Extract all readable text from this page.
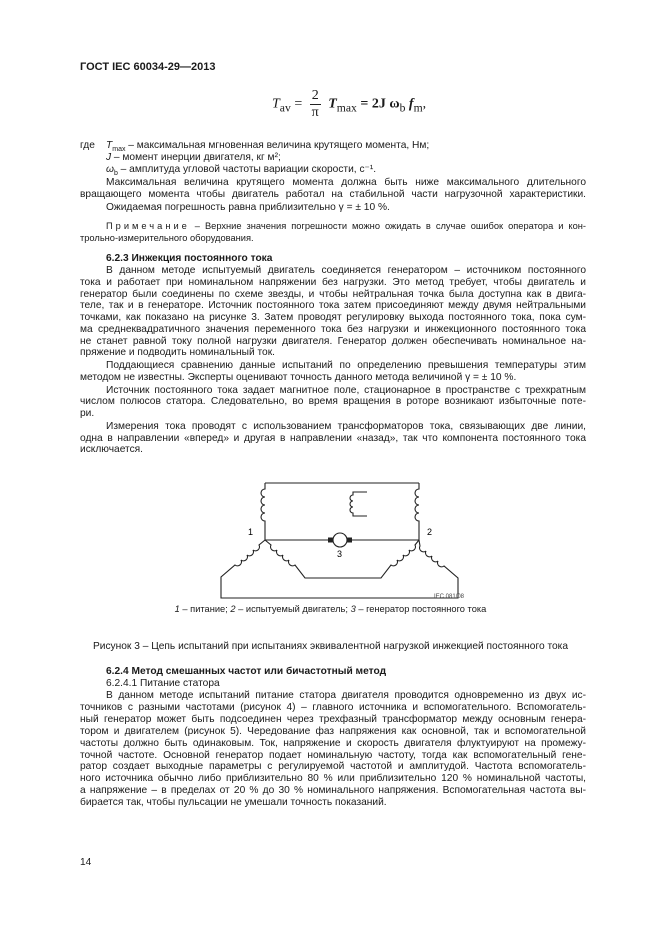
ГОСТ IEC 60034-29—2013
$T_{av} = \frac{2}{\pi} T_{max} = 2J$ $\omega_b$ $f_m$,
где
1	2
3
IEC 081/08
1 – питание; 2 – испытуемый двигатель; 3 – генератор постоянного тока
Рисунок 3 – Цепь испытаний при испытаниях эквивалентной нагрузкой инжекцией постоянного тока
14
$T_{max}$ – максимальная мгновенная величина крутящего момента, Нм;
J – момент инерции двигателя, кг м²;
$\omega_b$ – амплитуда угловой частоты вариации скорости, с⁻¹.
Максимальная величина крутящего момента должна быть ниже максимального длительного
вращающего момента чтобы двигатель работал на стабильной части нагрузочной характеристики.
Ожидаемая погрешность равна приблизительно γ = ± 10 %.
Примечание – Верхние значения погрешности можно ожидать в случае ошибок оператора и кон-
трольно-измерительного оборудования.
6.2.3 Инжекция постоянного тока
В данном методе испытуемый двигатель соединяется генератором – источником постоянного
тока и работает при номинальном напряжении без нагрузки. Это метод требует, чтобы двигатель и
генератор были соединены по схеме звезды, и чтобы нейтральная точка была доступна как в двига-
теле, так и в генераторе. Источник постоянного тока затем присоединяют между двумя нейтральными
точками, как показано на рисунке 3. Затем проводят регулировку выхода постоянного тока, пока сум-
ма среднеквадратичного значения переменного тока без нагрузки и инжекционного постоянного тока
не станет равной току полной нагрузки двигателя. Генератор должен обеспечивать номинальное на-
пряжение и подводить номинальный ток.
Поддающиеся сравнению данные испытаний по определению превышения температуры этим
методом не известны. Эксперты оценивают точность данного метода величиной γ = ± 10 %.
Источник постоянного тока задает магнитное поле, стационарное в пространстве с трехкратным
числом полюсов статора. Следовательно, во время вращения в роторе возникают избыточные поте-
ри.
Измерения тока проводят с использованием трансформаторов тока, связывающих две линии,
одна в направлении «вперед» и другая в направлении «назад», так что компонента постоянного тока
исключается.
6.2.4 Метод смешанных частот или бичастотный метод
6.2.4.1 Питание статора
В данном методе испытаний питание статора двигателя проводится одновременно из двух ис-
точников с разными частотами (рисунок 4) – главного источника и вспомогательного. Вспомогатель-
ный генератор может быть подсоединен через трехфазный трансформатор между основным генера-
тором и двигателем (рисунок 5). Чередование фаз напряжения как основной, так и вспомогательной
частоты должно быть одинаковым. Ток, напряжение и скорость двигателя флуктуируют на промежу-
точной частоте. Основной генератор подает номинальную частоту, тогда как вспомогательный гене-
ратор создает выходные параметры с регулируемой частотой и амплитудой. Частота вспомогатель-
ного источника обычно либо приблизительно 80 % или приблизительно 120 % номинальной частоты,
а напряжение – в пределах от 20 % до 30 % номинального напряжения. Вспомогательная частота вы-
бирается так, чтобы пульсации не умешали точность показаний.
